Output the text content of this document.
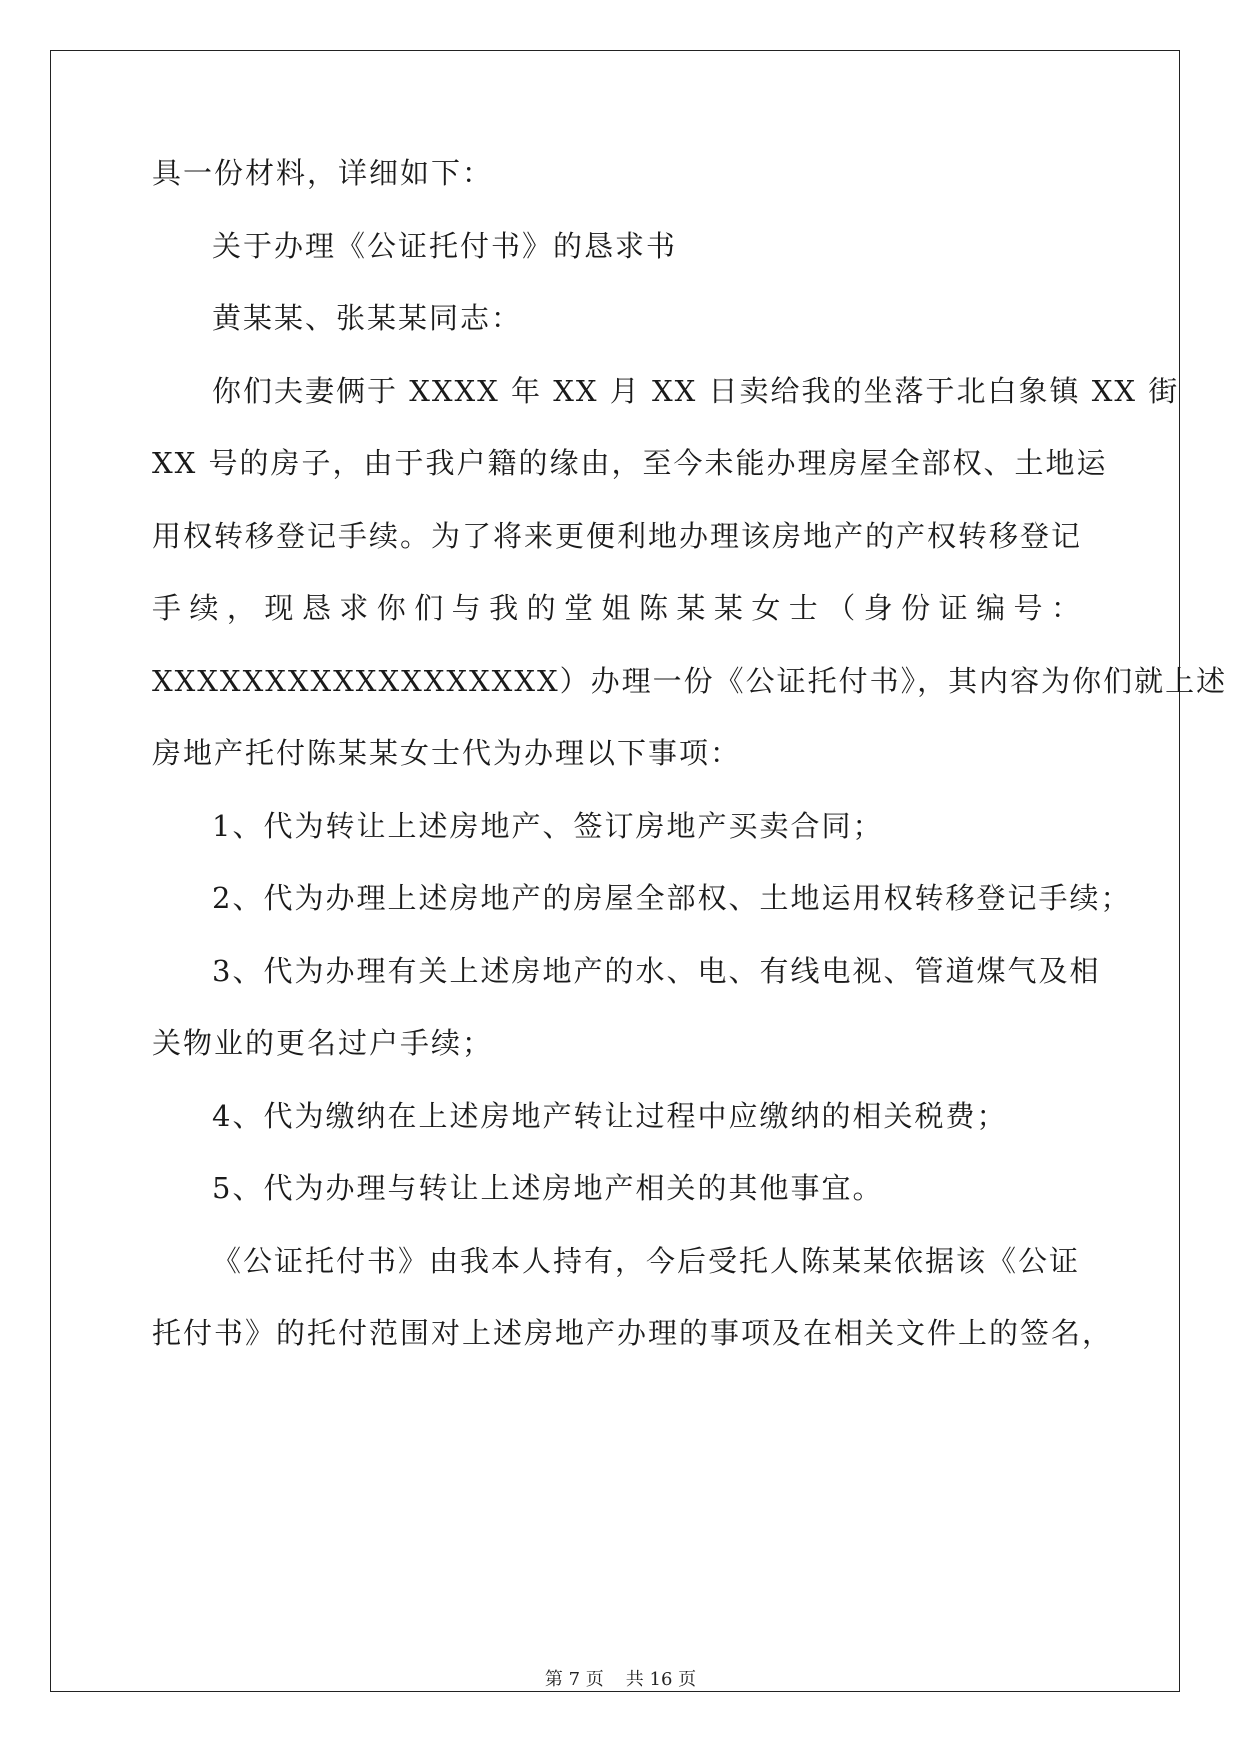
具一份材料，详细如下：
关于办理《公证托付书》的恳求书
黄某某、张某某同志：
你们夫妻俩于 XXXX 年 XX 月 XX 日卖给我的坐落于北白象镇 XX 街
XX 号的房子，由于我户籍的缘由，至今未能办理房屋全部权、土地运
用权转移登记手续。为了将来更便利地办理该房地产的产权转移登记
手续，现恳求你们与我的堂姐陈某某女士（身份证编号：
XXXXXXXXXXXXXXXXXX）办理一份《公证托付书》，其内容为你们就上述
房地产托付陈某某女士代为办理以下事项：
1、代为转让上述房地产、签订房地产买卖合同；
2、代为办理上述房地产的房屋全部权、土地运用权转移登记手续；
3、代为办理有关上述房地产的水、电、有线电视、管道煤气及相
关物业的更名过户手续；
4、代为缴纳在上述房地产转让过程中应缴纳的相关税费；
5、代为办理与转让上述房地产相关的其他事宜。
《公证托付书》由我本人持有，今后受托人陈某某依据该《公证
托付书》的托付范围对上述房地产办理的事项及在相关文件上的签名，
第 7 页 共 16 页
